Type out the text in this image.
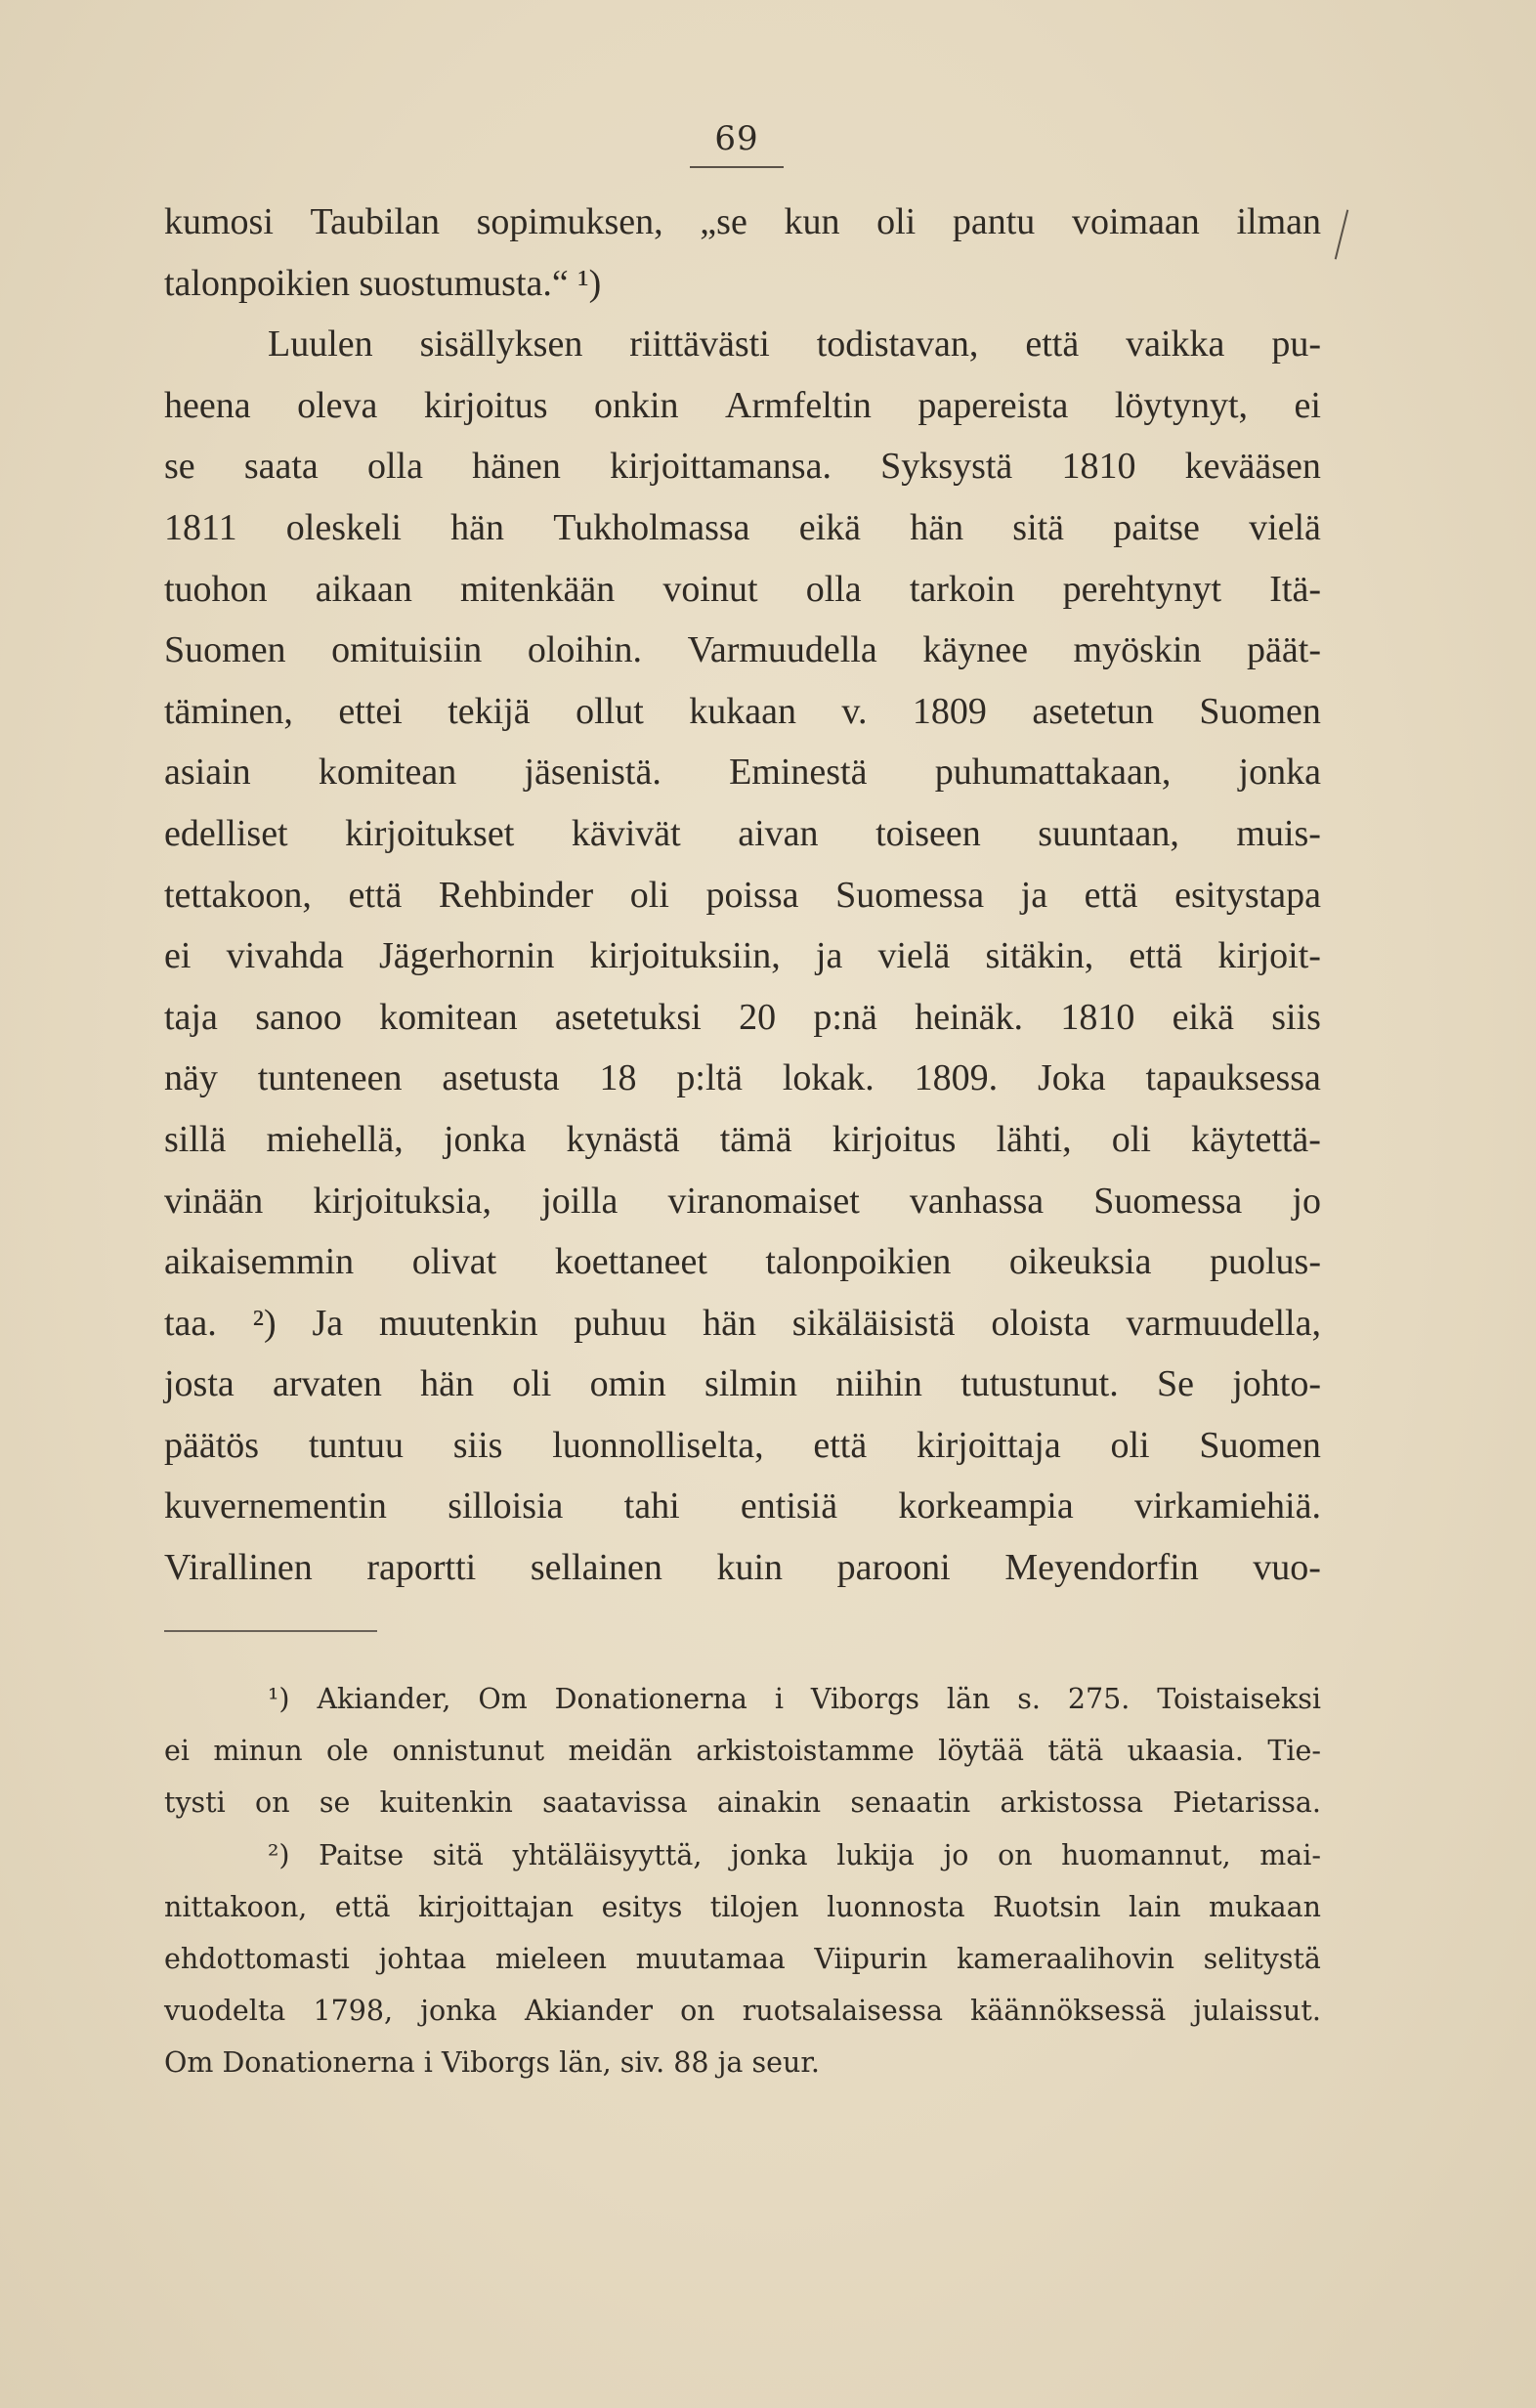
69
kumosi Taubilan sopimuksen, „se kun oli pantu voimaan ilman
talonpoikien suostumusta.“ ¹)
Luulen sisällyksen riittävästi todistavan, että vaikka pu-
heena oleva kirjoitus onkin Armfeltin papereista löytynyt, ei
se saata olla hänen kirjoittamansa. Syksystä 1810 kevääsen
1811 oleskeli hän Tukholmassa eikä hän sitä paitse vielä
tuohon aikaan mitenkään voinut olla tarkoin perehtynyt Itä-
Suomen omituisiin oloihin. Varmuudella käynee myöskin päät-
täminen, ettei tekijä ollut kukaan v. 1809 asetetun Suomen
asiain komitean jäsenistä. Eminestä puhumattakaan, jonka
edelliset kirjoitukset kävivät aivan toiseen suuntaan, muis-
tettakoon, että Rehbinder oli poissa Suomessa ja että esitystapa
ei vivahda Jägerhornin kirjoituksiin, ja vielä sitäkin, että kirjoit-
taja sanoo komitean asetetuksi 20 p:nä heinäk. 1810 eikä siis
näy tunteneen asetusta 18 p:ltä lokak. 1809. Joka tapauksessa
sillä miehellä, jonka kynästä tämä kirjoitus lähti, oli käytettä-
vinään kirjoituksia, joilla viranomaiset vanhassa Suomessa jo
aikaisemmin olivat koettaneet talonpoikien oikeuksia puolus-
taa. ²) Ja muutenkin puhuu hän sikäläisistä oloista varmuudella,
josta arvaten hän oli omin silmin niihin tutustunut. Se johto-
päätös tuntuu siis luonnolliselta, että kirjoittaja oli Suomen
kuvernementin silloisia tahi entisiä korkeampia virkamiehiä.
Virallinen raportti sellainen kuin parooni Meyendorfin vuo-
¹) Akiander, Om Donationerna i Viborgs län s. 275. Toistaiseksi
ei minun ole onnistunut meidän arkistoistamme löytää tätä ukaasia. Tie-
tysti on se kuitenkin saatavissa ainakin senaatin arkistossa Pietarissa.
²) Paitse sitä yhtäläisyyttä, jonka lukija jo on huomannut, mai-
nittakoon, että kirjoittajan esitys tilojen luonnosta Ruotsin lain mukaan
ehdottomasti johtaa mieleen muutamaa Viipurin kameraalihovin selitystä
vuodelta 1798, jonka Akiander on ruotsalaisessa käännöksessä julaissut.
Om Donationerna i Viborgs län, siv. 88 ja seur.
